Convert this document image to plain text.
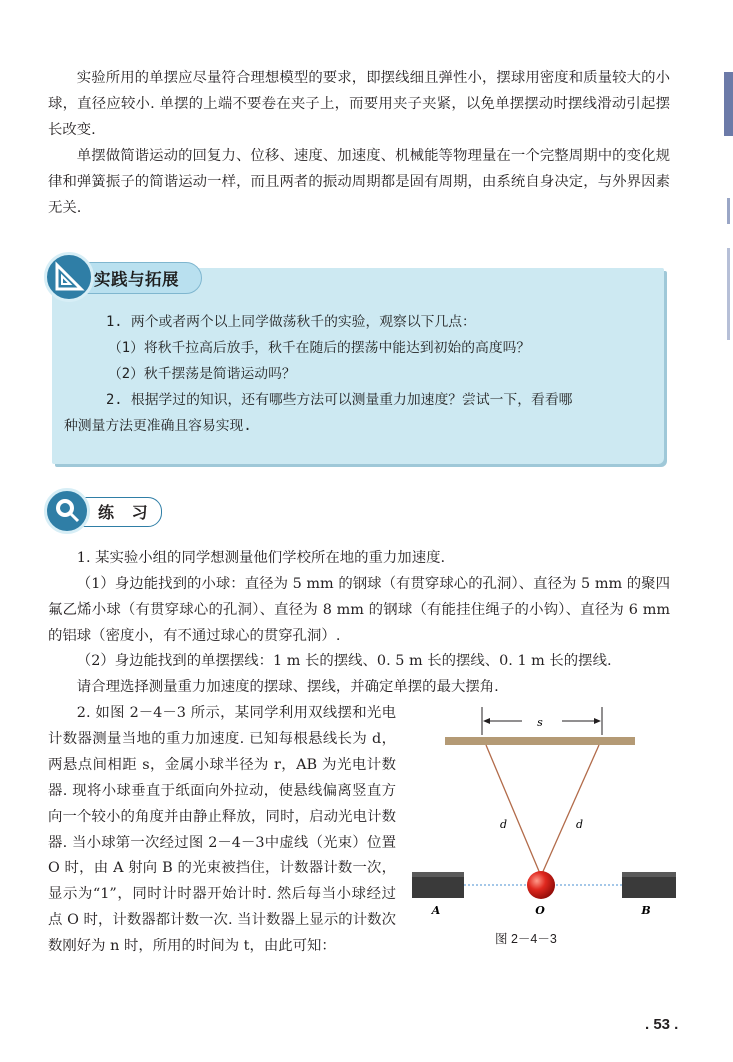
实验所用的单摆应尽量符合理想模型的要求，即摆线细且弹性小，摆球用密度和质量较大的小球，直径应较小. 单摆的上端不要卷在夹子上，而要用夹子夹紧，以免单摆摆动时摆线滑动引起摆长改变.

单摆做简谐运动的回复力、位移、速度、加速度、机械能等物理量在一个完整周期中的变化规律和弹簧振子的简谐运动一样，而且两者的振动周期都是固有周期，由系统自身决定，与外界因素无关.

实践与拓展
1. 两个或者两个以上同学做荡秋千的实验，观察以下几点：
（1）将秋千拉高后放手，秋千在随后的摆荡中能达到初始的高度吗？
（2）秋千摆荡是简谐运动吗？
2. 根据学过的知识，还有哪些方法可以测量重力加速度？尝试一下，看看哪
种测量方法更准确且容易实现.
练 习

1. 某实验小组的同学想测量他们学校所在地的重力加速度.

（1）身边能找到的小球：直径为 5 mm 的钢球（有贯穿球心的孔洞）、直径为 5 mm 的聚四氟乙烯小球（有贯穿球心的孔洞）、直径为 8 mm 的钢球（有能挂住绳子的小钩）、直径为 6 mm 的铝球（密度小，有不通过球心的贯穿孔洞）.

（2）身边能找到的单摆摆线：1 m 长的摆线、0. 5 m 长的摆线、0. 1 m 长的摆线.

请合理选择测量重力加速度的摆球、摆线，并确定单摆的最大摆角.

2. 如图 2－4－3 所示，某同学利用双线摆和光电计数器测量当地的重力加速度. 已知每根悬线长为 d，两悬点间相距 s，金属小球半径为 r，AB 为光电计数器. 现将小球垂直于纸面向外拉动，使悬线偏离竖直方向一个较小的角度并由静止释放，同时，启动光电计数器. 当小球第一次经过图 2－4－3中虚线（光束）位置 O 时，由 A 射向 B 的光束被挡住，计数器计数一次，显示为“1”，同时计时器开始计时. 然后每当小球经过点 O 时，计数器都计数一次. 当计数器上显示的计数次数刚好为 n 时，所用的时间为 t，由此可知：

s
d	d
A	O	B
图 2－4－3
. 53 .
